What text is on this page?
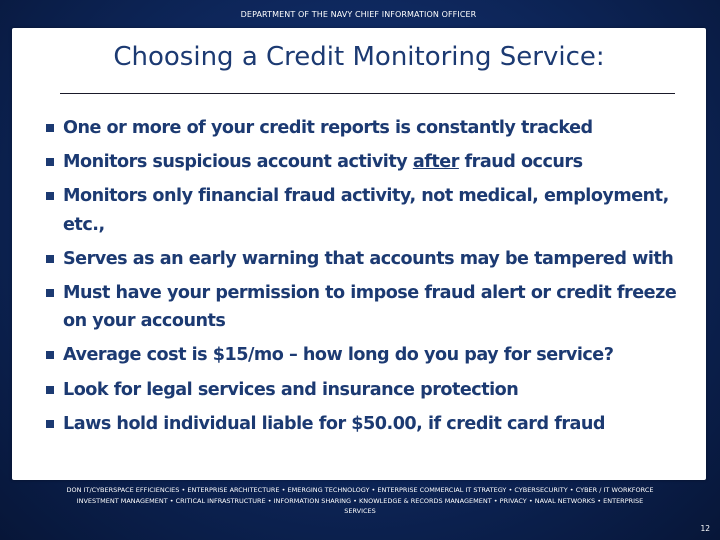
DEPARTMENT OF THE NAVY CHIEF INFORMATION OFFICER
Choosing a Credit Monitoring Service:
One or more of your credit reports is constantly tracked
Monitors suspicious account activity after fraud occurs
Monitors only financial fraud activity, not medical, employment, etc.,
Serves as an early warning that accounts may be tampered with
Must have your permission to impose fraud alert or credit freeze on your accounts
Average cost is $15/mo – how long do you pay for service?
Look for legal services and insurance protection
Laws hold individual liable for $50.00, if credit card fraud
DON IT/CYBERSPACE EFFICIENCIES • ENTERPRISE ARCHITECTURE • EMERGING TECHNOLOGY • ENTERPRISE COMMERCIAL IT STRATEGY • CYBERSECURITY • CYBER / IT WORKFORCE
INVESTMENT MANAGEMENT • CRITICAL INFRASTRUCTURE • INFORMATION SHARING • KNOWLEDGE & RECORDS MANAGEMENT • PRIVACY • NAVAL NETWORKS • ENTERPRISE
SERVICES
12
